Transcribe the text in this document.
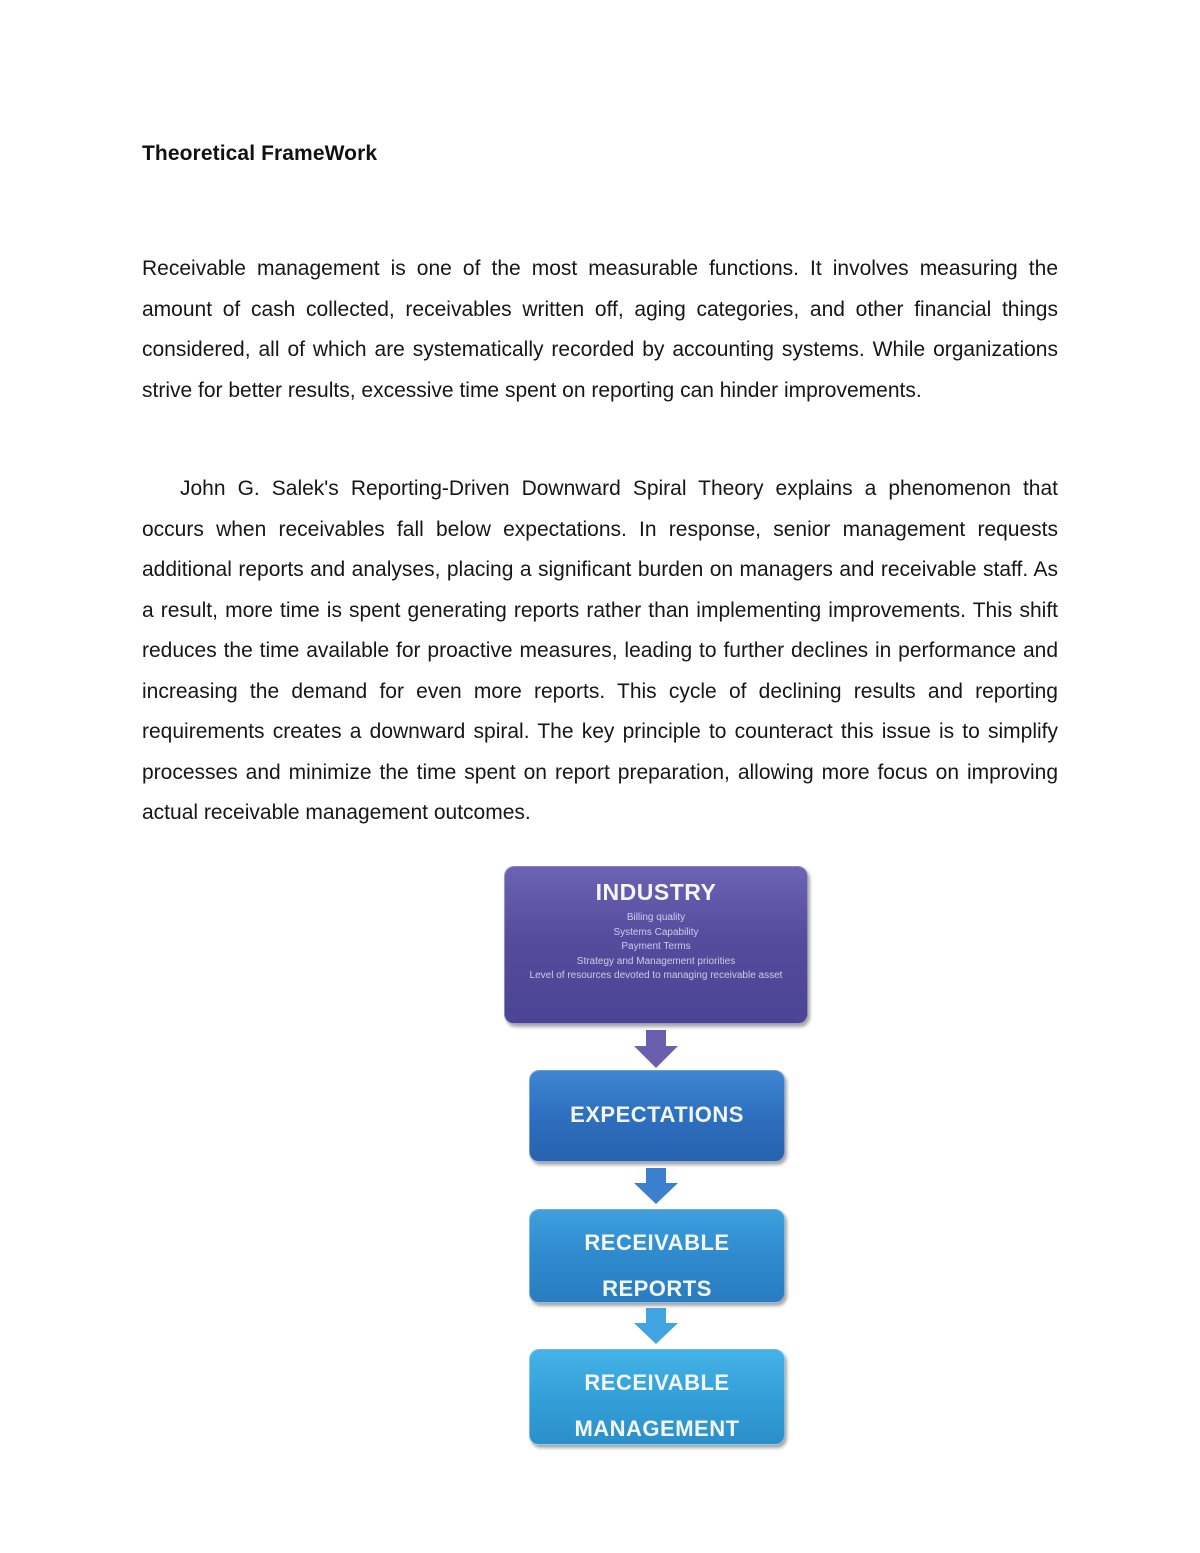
Theoretical FrameWork

Receivable management is one of the most measurable functions. It involves measuring the amount of cash collected, receivables written off, aging categories, and other financial things considered, all of which are systematically recorded by accounting systems. While organizations strive for better results, excessive time spent on reporting can hinder improvements.

John G. Salek's Reporting-Driven Downward Spiral Theory explains a phenomenon that occurs when receivables fall below expectations. In response, senior management requests additional reports and analyses, placing a significant burden on managers and receivable staff. As a result, more time is spent generating reports rather than implementing improvements. This shift reduces the time available for proactive measures, leading to further declines in performance and increasing the demand for even more reports. This cycle of declining results and reporting requirements creates a downward spiral. The key principle to counteract this issue is to simplify processes and minimize the time spent on report preparation, allowing more focus on improving actual receivable management outcomes.

INDUSTRY
Billing quality
Systems Capability
Payment Terms
Strategy and Management priorities
Level of resources devoted to managing receivable asset
EXPECTATIONS
RECEIVABLE
REPORTS
RECEIVABLE
MANAGEMENT
